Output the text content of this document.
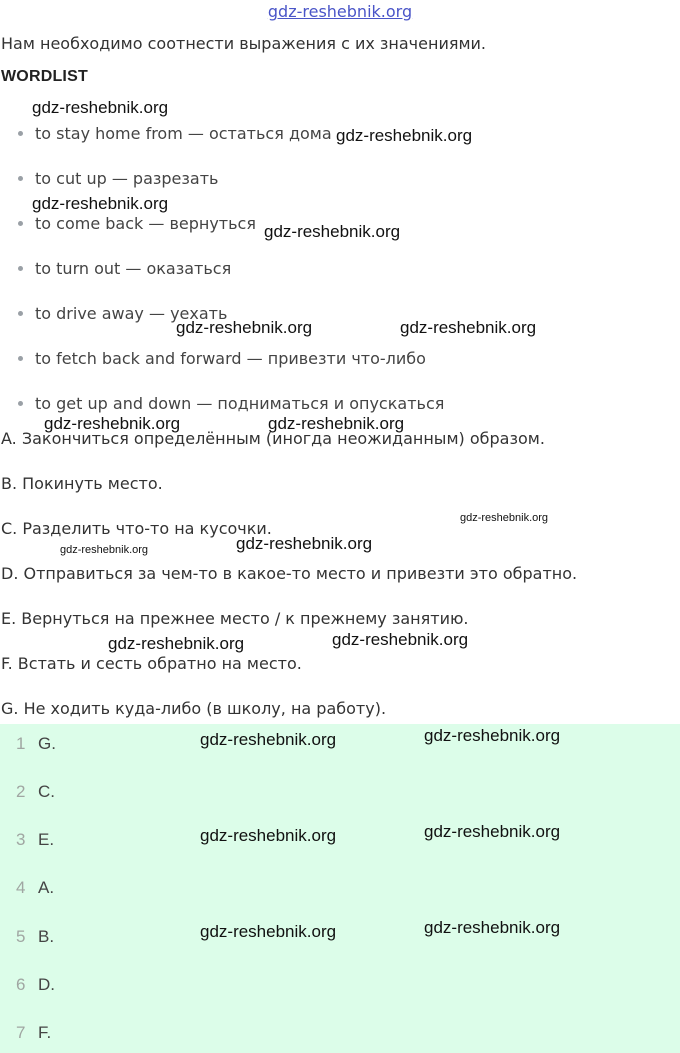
gdz-reshebnik.org
Нам необходимо соотнести выражения с их значениями.
WORDLIST
to stay home from — остаться дома
to cut up — разрезать
to come back — вернуться
to turn out — оказаться
to drive away — уехать
to fetch back and forward — привезти что-либо
to get up and down — подниматься и опускаться
A. Закончиться определённым (иногда неожиданным) образом.
B. Покинуть место.
C. Разделить что-то на кусочки.
D. Отправиться за чем-то в какое-то место и привезти это обратно.
E. Вернуться на прежнее место / к прежнему занятию.
F. Встать и сесть обратно на место.
G. Не ходить куда-либо (в школу, на работу).
1 G.
2 C.
3 E.
4 A.
5 B.
6 D.
7 F.
gdz-reshebnik.org
gdz-reshebnik.org
gdz-reshebnik.org
gdz-reshebnik.org
gdz-reshebnik.org	gdz-reshebnik.org
gdz-reshebnik.org	gdz-reshebnik.org
gdz-reshebnik.org
gdz-reshebnik.org	gdz-reshebnik.org
gdz-reshebnik.org
gdz-reshebnik.org
gdz-reshebnik.org	gdz-reshebnik.org
gdz-reshebnik.org	gdz-reshebnik.org
gdz-reshebnik.org	gdz-reshebnik.org
